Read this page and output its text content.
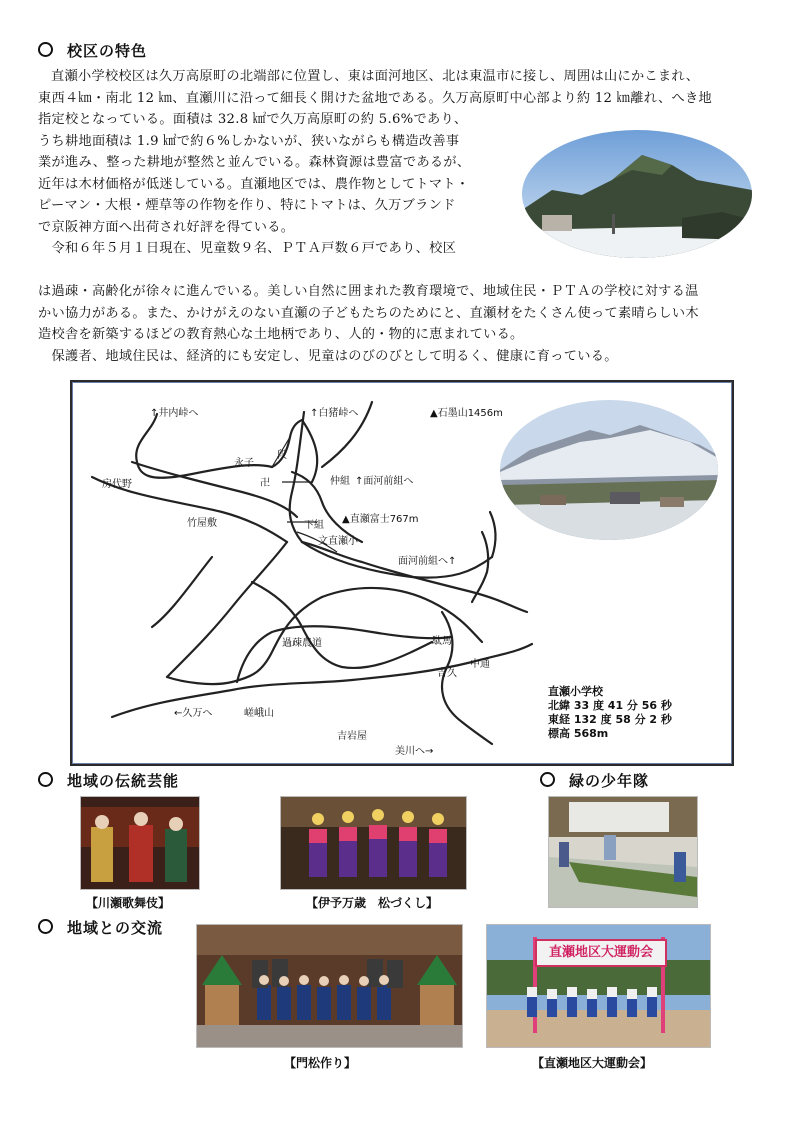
校区の特色
直瀬小学校校区は久万高原町の北端部に位置し、東は面河地区、北は東温市に接し、周囲は山にかこまれ、
東西４㎞・南北 12 ㎞、直瀬川に沿って細長く開けた盆地である。久万高原町中心部より約 12 ㎞離れ、へき地
指定校となっている。面積は 32.8 ㎢で久万高原町の約 5.6%であり、
うち耕地面積は 1.9 ㎢で約６%しかないが、狭いながらも構造改善事
業が進み、整った耕地が整然と並んでいる。森林資源は豊富であるが、
近年は木材価格が低迷している。直瀬地区では、農作物としてトマト・
ピーマン・大根・煙草等の作物を作り、特にトマトは、久万ブランド
で京阪神方面へ出荷され好評を得ている。
　令和６年５月１日現在、児童数９名、ＰＴＡ戸数６戸であり、校区
は過疎・高齢化が徐々に進んでいる。美しい自然に囲まれた教育環境で、地域住民・ＰＴＡの学校に対する温
かい協力がある。また、かけがえのない直瀬の子どもたちのためにと、直瀬材をたくさん使って素晴らしい木
造校舎を新築するほどの教育熱心な土地柄であり、人的・物的に恵まれている。
　保護者、地域住民は、経済的にも安定し、児童はのびのびとして明るく、健康に育っている。
↑井内峠へ	↑白猪峠へ	▲石墨山1456m
永子
段
卍	仲組 ↑面河前組へ
房代野
竹屋敷	下組
▲直瀬富士767m
文直瀬小
面河前組へ↑
過疎農道
←久万へ	嵯峨山
駄馬
中通
吉久
吉岩屋
美川へ→
直瀬小学校
北緯 33 度 41 分 56 秒
東経 132 度 58 分 2 秒
標高 568m
地域の伝統芸能	緑の少年隊
【川瀬歌舞伎】	【伊予万歳　松づくし】
地域との交流
【門松作り】
直瀬地区大運動会
【直瀬地区大運動会】
